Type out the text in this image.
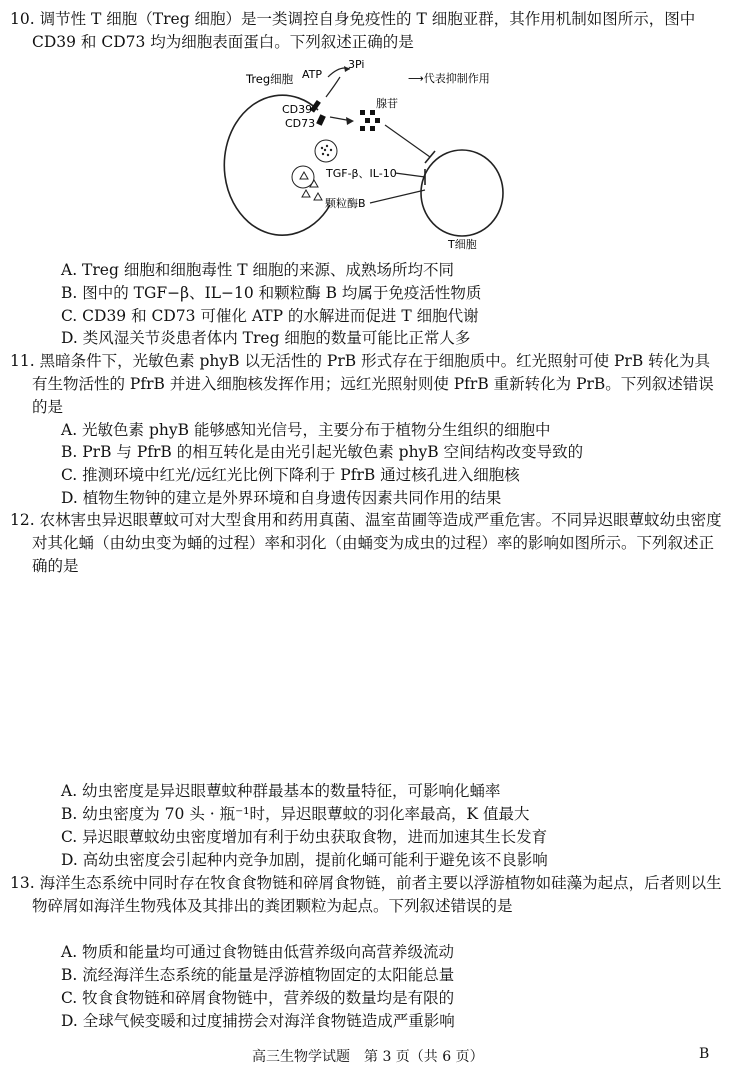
10. 调节性 T 细胞（Treg 细胞）是一类调控自身免疫性的 T 细胞亚群，其作用机制如图所示，图中 CD39 和 CD73 均为细胞表面蛋白。下列叙述正确的是

Treg细胞
CD39
CD73
ATP
3Pi
⟶代表抑制作用
腺苷
TGF-β、IL-10
颗粒酶B
T细胞
A. Treg 细胞和细胞毒性 T 细胞的来源、成熟场所均不同
B. 图中的 TGF−β、IL−10 和颗粒酶 B 均属于免疫活性物质
C. CD39 和 CD73 可催化 ATP 的水解进而促进 T 细胞代谢
D. 类风湿关节炎患者体内 Treg 细胞的数量可能比正常人多

11. 黑暗条件下，光敏色素 phyB 以无活性的 PrB 形式存在于细胞质中。红光照射可使 PrB 转化为具有生物活性的 PfrB 并进入细胞核发挥作用；远红光照射则使 PfrB 重新转化为 PrB。下列叙述错误的是

A. 光敏色素 phyB 能够感知光信号，主要分布于植物分生组织的细胞中
B. PrB 与 PfrB 的相互转化是由光引起光敏色素 phyB 空间结构改变导致的
C. 推测环境中红光/远红光比例下降利于 PfrB 通过核孔进入细胞核
D. 植物生物钟的建立是外界环境和自身遗传因素共同作用的结果

12. 农林害虫异迟眼蕈蚊可对大型食用和药用真菌、温室苗圃等造成严重危害。不同异迟眼蕈蚊幼虫密度对其化蛹（由幼虫变为蛹的过程）率和羽化（由蛹变为成虫的过程）率的影响如图所示。下列叙述正确的是

A. 幼虫密度是异迟眼蕈蚊种群最基本的数量特征，可影响化蛹率
B. 幼虫密度为 70 头 · 瓶⁻¹时，异迟眼蕈蚊的羽化率最高，K 值最大
C. 异迟眼蕈蚊幼虫密度增加有利于幼虫获取食物，进而加速其生长发育
D. 高幼虫密度会引起种内竞争加剧，提前化蛹可能利于避免该不良影响

13. 海洋生态系统中同时存在牧食食物链和碎屑食物链，前者主要以浮游植物如硅藻为起点，后者则以生物碎屑如海洋生物残体及其排出的粪团颗粒为起点。下列叙述错误的是

A. 物质和能量均可通过食物链由低营养级向高营养级流动
B. 流经海洋生态系统的能量是浮游植物固定的太阳能总量
C. 牧食食物链和碎屑食物链中，营养级的数量均是有限的
D. 全球气候变暖和过度捕捞会对海洋食物链造成严重影响
高三生物学试题　第 3 页（共 6 页）	B
